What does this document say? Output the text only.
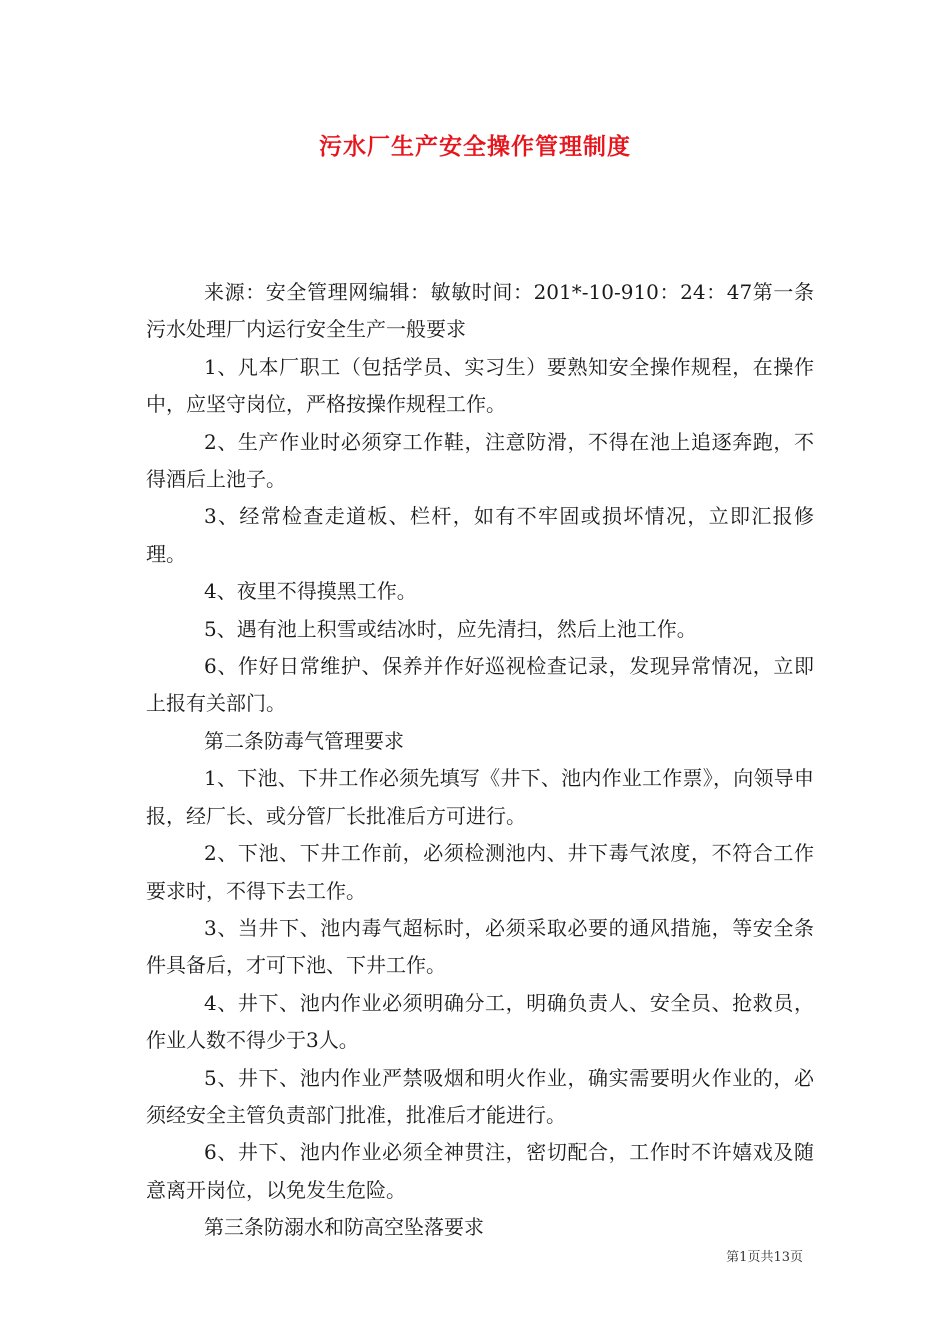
污水厂生产安全操作管理制度

来源：安全管理网编辑：敏敏时间：201*-10-910：24：47第一条污水处理厂内运行安全生产一般要求

1、凡本厂职工（包括学员、实习生）要熟知安全操作规程，在操作中，应坚守岗位，严格按操作规程工作。

2、生产作业时必须穿工作鞋，注意防滑，不得在池上追逐奔跑，不得酒后上池子。

3、经常检查走道板、栏杆，如有不牢固或损坏情况，立即汇报修理。

4、夜里不得摸黑工作。

5、遇有池上积雪或结冰时，应先清扫，然后上池工作。

6、作好日常维护、保养并作好巡视检查记录，发现异常情况，立即上报有关部门。

第二条防毒气管理要求

1、下池、下井工作必须先填写《井下、池内作业工作票》，向领导申报，经厂长、或分管厂长批准后方可进行。

2、下池、下井工作前，必须检测池内、井下毒气浓度，不符合工作要求时，不得下去工作。

3、当井下、池内毒气超标时，必须采取必要的通风措施，等安全条件具备后，才可下池、下井工作。

4、井下、池内作业必须明确分工，明确负责人、安全员、抢救员，作业人数不得少于3人。

5、井下、池内作业严禁吸烟和明火作业，确实需要明火作业的，必须经安全主管负责部门批准，批准后才能进行。

6、井下、池内作业必须全神贯注，密切配合，工作时不许嬉戏及随意离开岗位，以免发生危险。

第三条防溺水和防高空坠落要求

第1页共13页
